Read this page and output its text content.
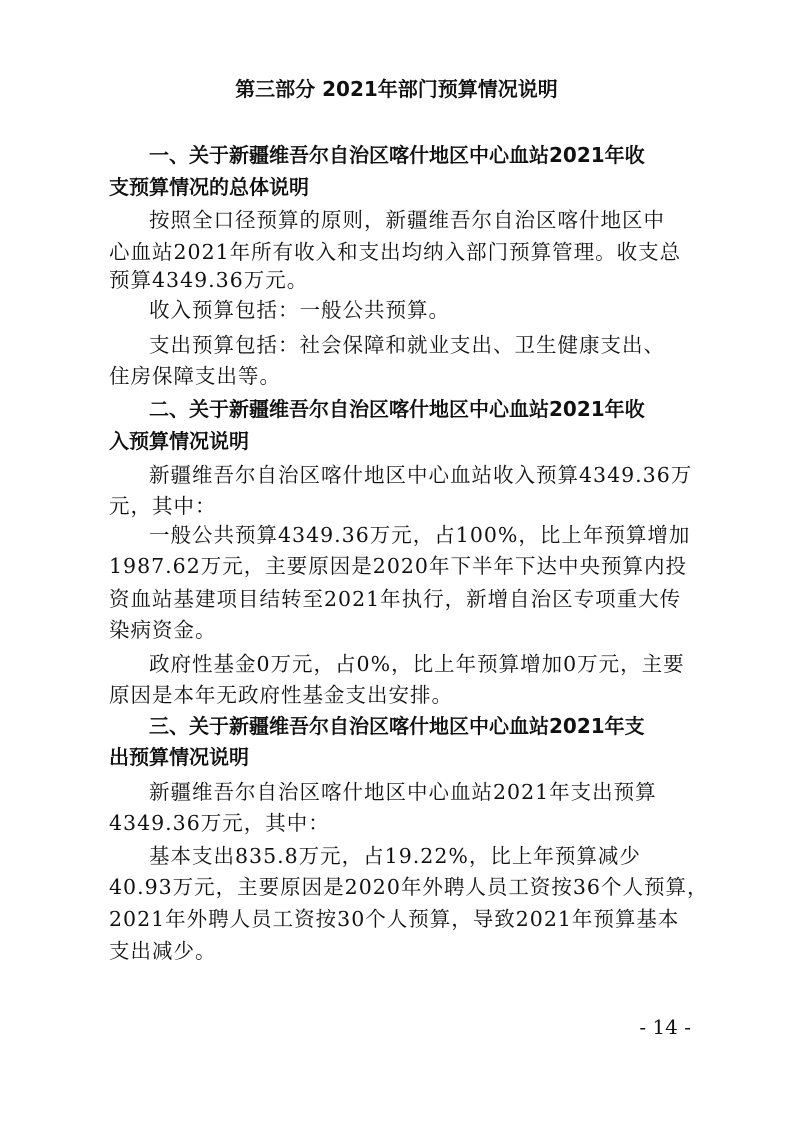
第三部分 2021年部门预算情况说明

一、关于新疆维吾尔自治区喀什地区中心血站2021年收

支预算情况的总体说明

按照全口径预算的原则，新疆维吾尔自治区喀什地区中

心血站2021年所有收入和支出均纳入部门预算管理。收支总

预算4349.36万元。

收入预算包括：一般公共预算。

支出预算包括：社会保障和就业支出、卫生健康支出、

住房保障支出等。

二、关于新疆维吾尔自治区喀什地区中心血站2021年收

入预算情况说明

新疆维吾尔自治区喀什地区中心血站收入预算4349.36万

元，其中：

一般公共预算4349.36万元，占100%，比上年预算增加

1987.62万元，主要原因是2020年下半年下达中央预算内投

资血站基建项目结转至2021年执行，新增自治区专项重大传

染病资金。

政府性基金0万元，占0%，比上年预算增加0万元，主要

原因是本年无政府性基金支出安排。

三、关于新疆维吾尔自治区喀什地区中心血站2021年支

出预算情况说明

新疆维吾尔自治区喀什地区中心血站2021年支出预算

4349.36万元，其中：

基本支出835.8万元，占19.22%，比上年预算减少

40.93万元，主要原因是2020年外聘人员工资按36个人预算，

2021年外聘人员工资按30个人预算，导致2021年预算基本

支出减少。

- 14 -
